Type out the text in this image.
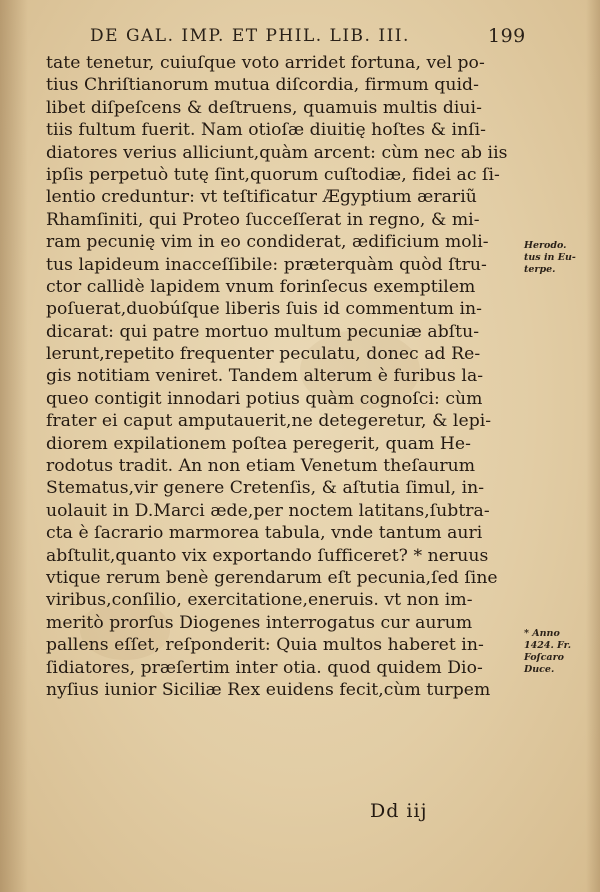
DE GAL. IMP. ET PHIL. LIB. III.	199
tate tenetur, cuiuſque voto arridet fortuna, vel po-
tius Chriſtianorum mutua diſcordia, firmum quid-
libet diſpeſcens & deſtruens, quamuis multis diui-
tiis fultum fuerit. Nam otioſæ diuitię hoſtes & inſi-
diatores verius alliciunt,quàm arcent: cùm nec ab iis
ipſis perpetuò tutę ſint,quorum cuſtodiæ, fidei ac ſi-
lentio creduntur: vt teſtificatur Ægyptium ærariũ
Rhamſiniti, qui Proteo ſucceſſerat in regno, & mi-
ram pecunię vim in eo condiderat, ædificium moli-
tus lapideum inacceſſibile: præterquàm quòd ſtru-
ctor callidè lapidem vnum forinſecus exemptilem
poſuerat,duobúſque liberis ſuis id commentum in-
dicarat: qui patre mortuo multum pecuniæ abſtu-
lerunt,repetito frequenter peculatu, donec ad Re-
gis notitiam veniret. Tandem alterum è furibus la-
queo contigit innodari potius quàm cognoſci: cùm
frater ei caput amputauerit,ne detegeretur, & lepi-
diorem expilationem poſtea peregerit, quam He-
rodotus tradit. An non etiam Venetum theſaurum
Stematus,vir genere Cretenſis, & aſtutia ſimul, in-
uolauit in D.Marci æde,per noctem latitans,ſubtra-
cta è ſacrario marmorea tabula, vnde tantum auri
abſtulit,quanto vix exportando ſufficeret? * neruus
vtique rerum benè gerendarum eſt pecunia,ſed ſine
viribus,conſilio, exercitatione,eneruis. vt non im-
meritò prorſus Diogenes interrogatus cur aurum
pallens eſſet, reſponderit: Quia multos haberet in-
ſidiatores, præſertim inter otia. quod quidem Dio-
nyſius iunior Siciliæ Rex euidens fecit,cùm turpem
Herodo.
tus in Eu-
terpe.
* Anno
1424. Fr.
Foſcaro
Duce.
Dd iij
